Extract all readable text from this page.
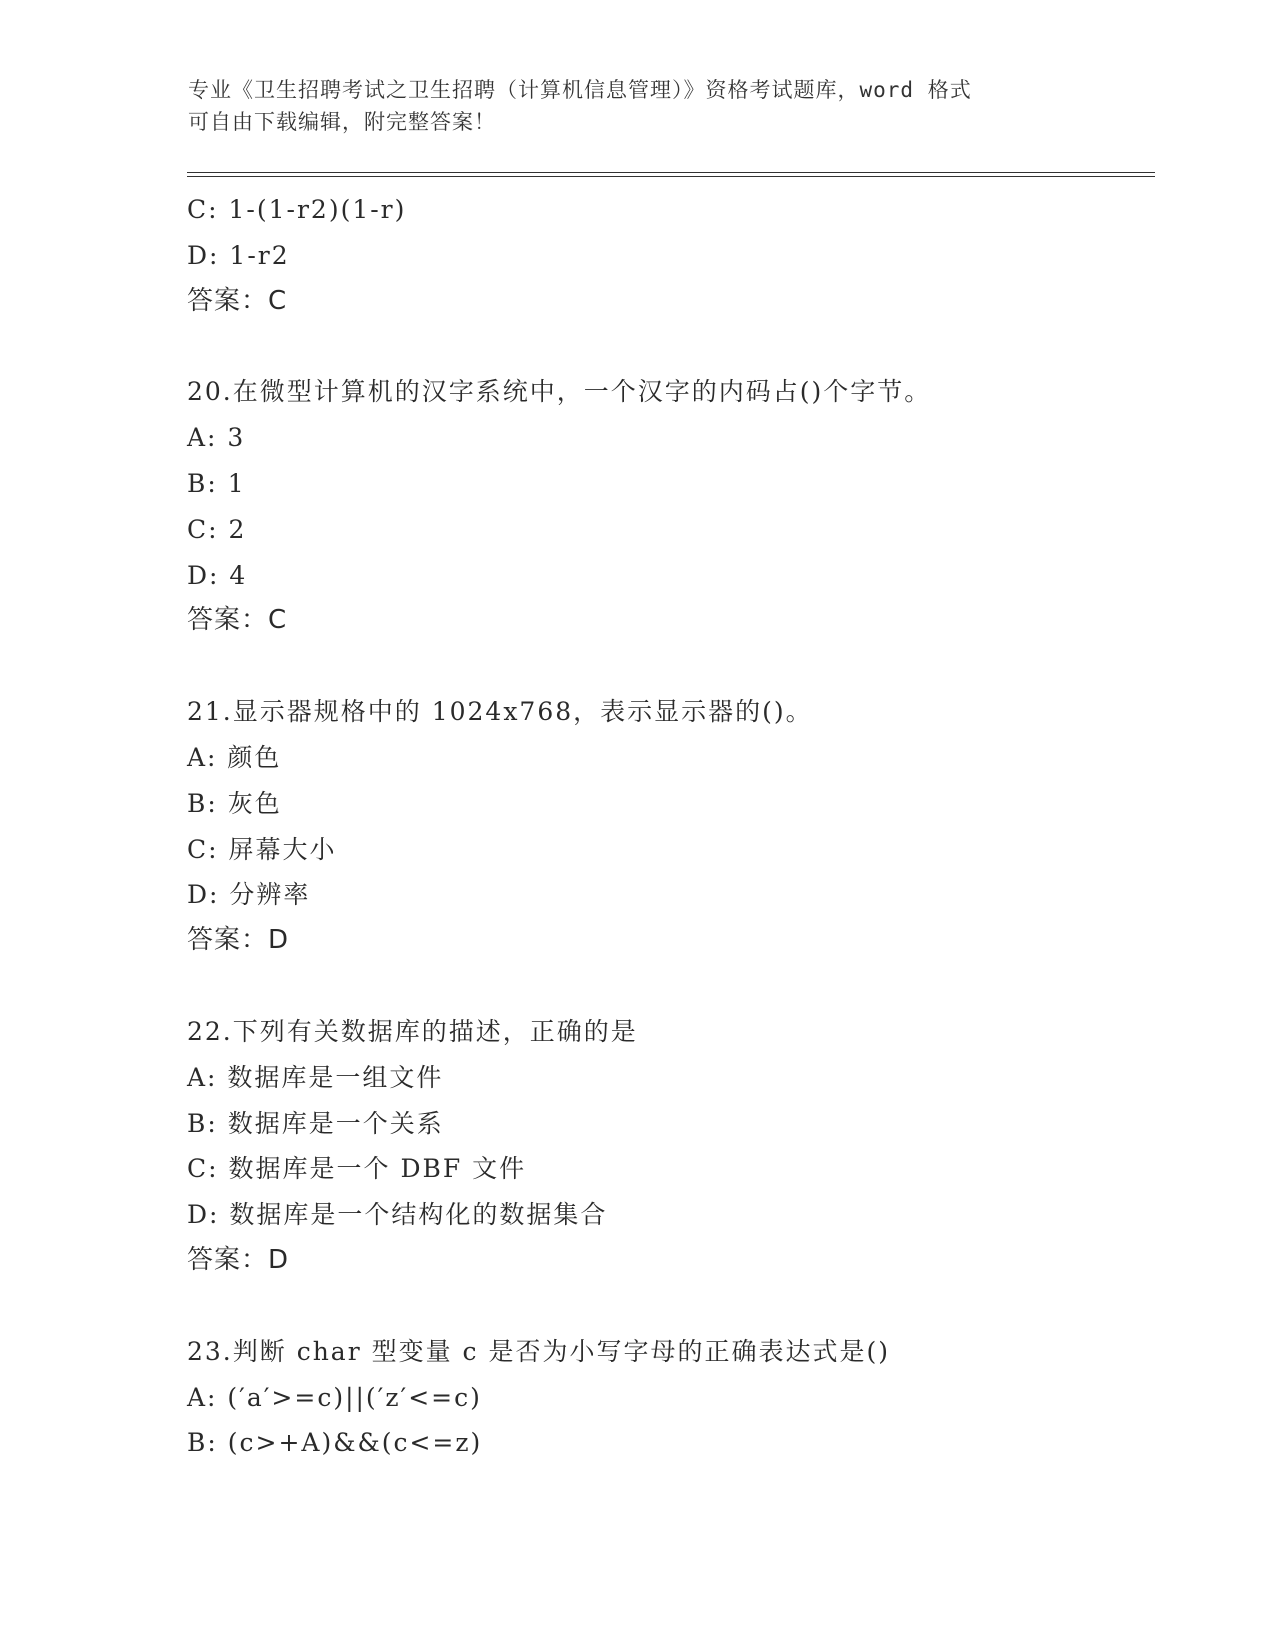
专业《卫生招聘考试之卫生招聘（计算机信息管理）》资格考试题库，word 格式
可自由下载编辑，附完整答案！
C: 1-(1-r2)(1-r)
D: 1-r2
答案：C
20.在微型计算机的汉字系统中，一个汉字的内码占()个字节。
A: 3
B: 1
C: 2
D: 4
答案：C
21.显示器规格中的 1024x768，表示显示器的()。
A: 颜色
B: 灰色
C: 屏幕大小
D: 分辨率
答案：D
22.下列有关数据库的描述，正确的是
A: 数据库是一组文件
B: 数据库是一个关系
C: 数据库是一个 DBF 文件
D: 数据库是一个结构化的数据集合
答案：D
23.判断 char 型变量 c 是否为小写字母的正确表达式是()
A: (′a′>=c)||(′z′<=c)
B: (c>+A)&&(c<=z)
